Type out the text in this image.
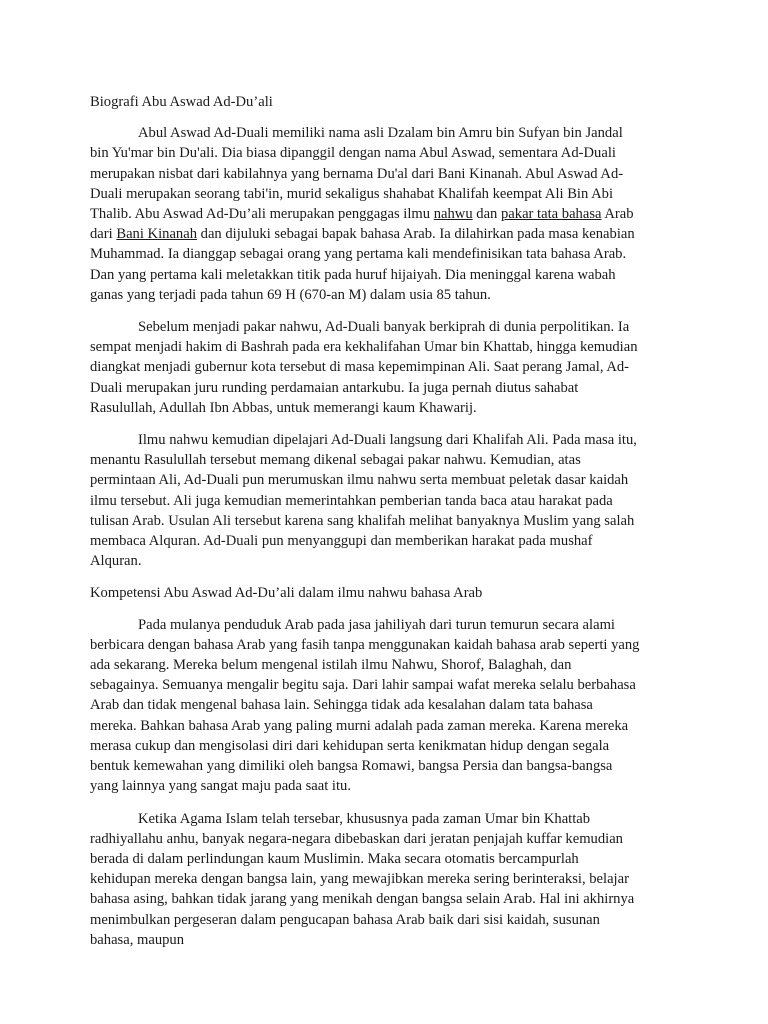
Biografi Abu Aswad Ad-Du’ali

Abul Aswad Ad-Duali memiliki nama asli Dzalam bin Amru bin Sufyan bin Jandal bin Yu'mar bin Du'ali. Dia biasa dipanggil dengan nama Abul Aswad, sementara Ad-Duali merupakan nisbat dari kabilahnya yang bernama Du'al dari Bani Kinanah. Abul Aswad Ad-Duali merupakan seorang tabi'in, murid sekaligus shahabat Khalifah keempat Ali Bin Abi Thalib. Abu Aswad Ad-Du’ali merupakan penggagas ilmu nahwu dan pakar tata bahasa Arab dari Bani Kinanah dan dijuluki sebagai bapak bahasa Arab. Ia dilahirkan pada masa kenabian Muhammad. Ia dianggap sebagai orang yang pertama kali mendefinisikan tata bahasa Arab. Dan yang pertama kali meletakkan titik pada huruf hijaiyah. Dia meninggal karena wabah ganas yang terjadi pada tahun 69 H (670-an M) dalam usia 85 tahun.

Sebelum menjadi pakar nahwu, Ad-Duali banyak berkiprah di dunia perpolitikan. Ia sempat menjadi hakim di Bashrah pada era kekhalifahan Umar bin Khattab, hingga kemudian diangkat menjadi gubernur kota tersebut di masa kepemimpinan Ali. Saat perang Jamal, Ad-Duali merupakan juru runding perdamaian antarkubu. Ia juga pernah diutus sahabat Rasulullah, Adullah Ibn Abbas, untuk memerangi kaum Khawarij.

Ilmu nahwu kemudian dipelajari Ad-Duali langsung dari Khalifah Ali. Pada masa itu, menantu Rasulullah tersebut memang dikenal sebagai pakar nahwu. Kemudian, atas permintaan Ali, Ad-Duali pun merumuskan ilmu nahwu serta membuat peletak dasar kaidah ilmu tersebut. Ali juga kemudian memerintahkan pemberian tanda baca atau harakat pada tulisan Arab. Usulan Ali tersebut karena sang khalifah melihat banyaknya Muslim yang salah membaca Alquran. Ad-Duali pun menyanggupi dan memberikan harakat pada mushaf Alquran.

Kompetensi Abu Aswad Ad-Du’ali dalam ilmu nahwu bahasa Arab

Pada mulanya penduduk Arab pada jasa jahiliyah dari turun temurun secara alami berbicara dengan bahasa Arab yang fasih tanpa menggunakan kaidah bahasa arab seperti yang ada sekarang. Mereka belum mengenal istilah ilmu Nahwu, Shorof, Balaghah, dan sebagainya. Semuanya mengalir begitu saja. Dari lahir sampai wafat mereka selalu berbahasa Arab dan tidak mengenal bahasa lain. Sehingga tidak ada kesalahan dalam tata bahasa mereka. Bahkan bahasa Arab yang paling murni adalah pada zaman mereka. Karena mereka merasa cukup dan mengisolasi diri dari kehidupan serta kenikmatan hidup dengan segala bentuk kemewahan yang dimiliki oleh bangsa Romawi, bangsa Persia dan bangsa-bangsa yang lainnya yang sangat maju pada saat itu.

Ketika Agama Islam telah tersebar, khususnya pada zaman Umar bin Khattab radhiyallahu anhu, banyak negara-negara dibebaskan dari jeratan penjajah kuffar kemudian berada di dalam perlindungan kaum Muslimin. Maka secara otomatis bercampurlah kehidupan mereka dengan bangsa lain, yang mewajibkan mereka sering berinteraksi, belajar bahasa asing, bahkan tidak jarang yang menikah dengan bangsa selain Arab. Hal ini akhirnya menimbulkan pergeseran dalam pengucapan bahasa Arab baik dari sisi kaidah, susunan bahasa, maupun
